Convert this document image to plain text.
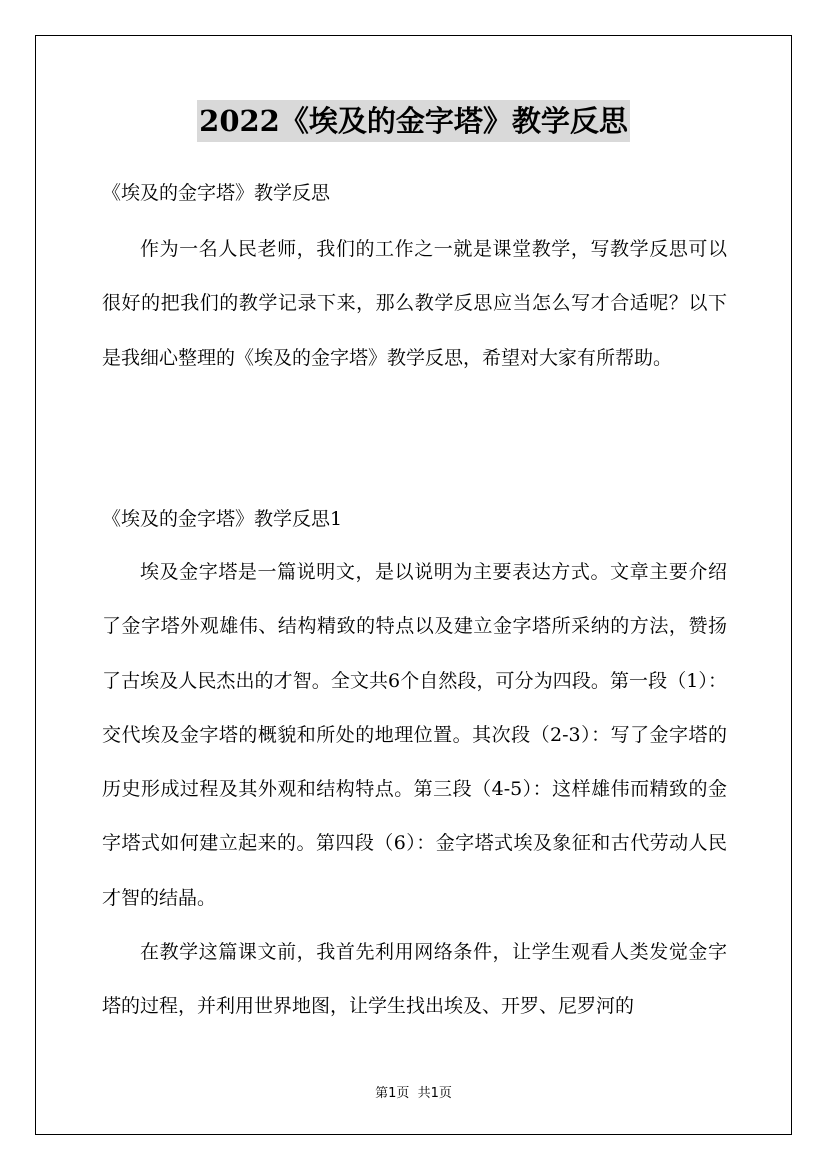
2022《埃及的金字塔》教学反思
《埃及的金字塔》教学反思

作为一名人民老师，我们的工作之一就是课堂教学，写教学反思可以很好的把我们的教学记录下来，那么教学反思应当怎么写才合适呢？以下是我细心整理的《埃及的金字塔》教学反思，希望对大家有所帮助。

《埃及的金字塔》教学反思1

埃及金字塔是一篇说明文，是以说明为主要表达方式。文章主要介绍了金字塔外观雄伟、结构精致的特点以及建立金字塔所采纳的方法，赞扬了古埃及人民杰出的才智。全文共6个自然段，可分为四段。第一段（1）：交代埃及金字塔的概貌和所处的地理位置。其次段（2-3）：写了金字塔的历史形成过程及其外观和结构特点。第三段（4-5）：这样雄伟而精致的金字塔式如何建立起来的。第四段（6）：金字塔式埃及象征和古代劳动人民才智的结晶。

在教学这篇课文前，我首先利用网络条件，让学生观看人类发觉金字塔的过程，并利用世界地图，让学生找出埃及、开罗、尼罗河的

第1页  共1页
